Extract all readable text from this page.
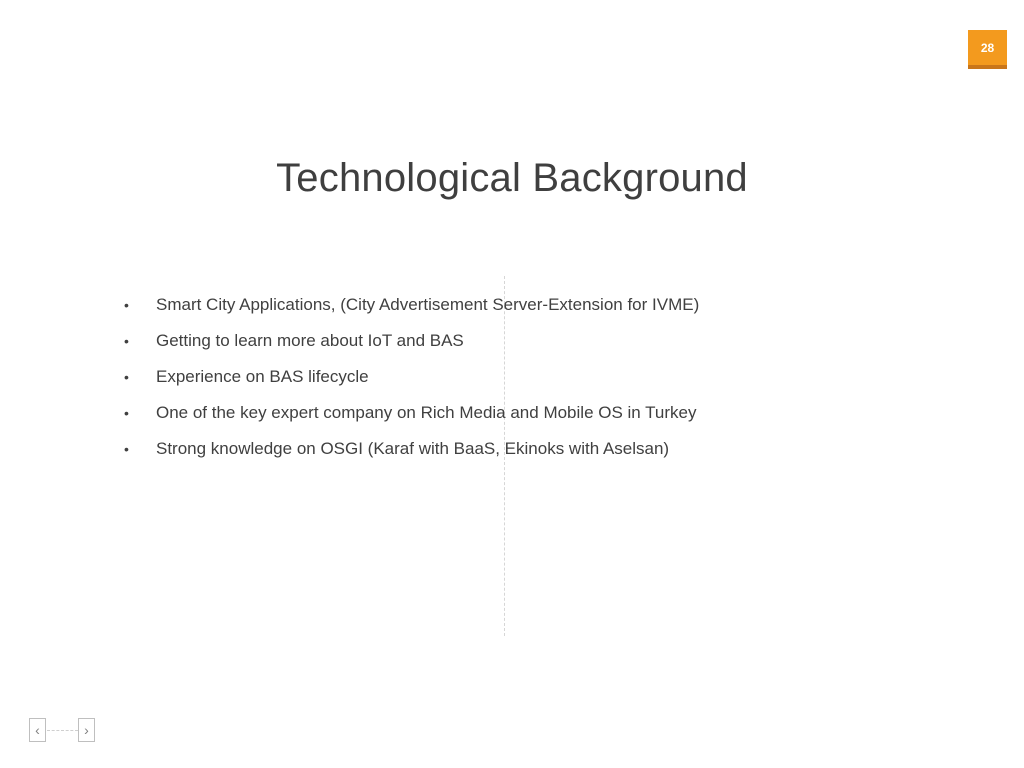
28
Technological Background
• Smart City Applications, (City Advertisement Server-Extension for IVME)
• Getting to learn more about IoT and BAS
• Experience on BAS lifecycle
• One of the key expert company on Rich Media and Mobile OS in Turkey
• Strong knowledge on OSGI (Karaf with BaaS, Ekinoks with Aselsan)
‹	›
